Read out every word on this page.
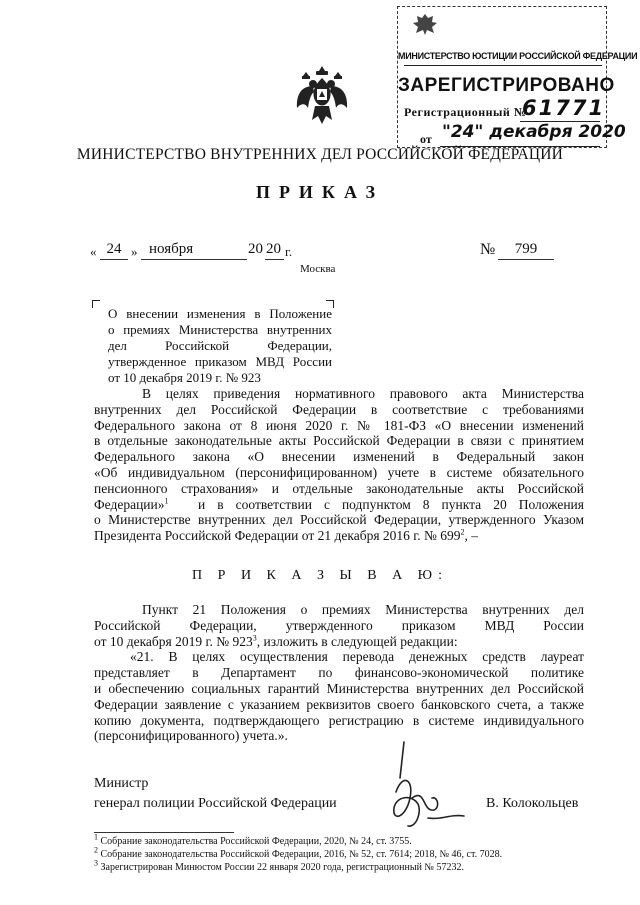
МИНИСТЕРСТВО ЮСТИЦИИ РОССИЙСКОЙ ФЕДЕРАЦИИ
ЗАРЕГИСТРИРОВАНО
Регистрационный №
61771
от "24" декабря 2020
МИНИСТЕРСТВО ВНУТРЕННИХ ДЕЛ РОССИЙСКОЙ ФЕДЕРАЦИИ
ПРИКАЗ
« 24 » ноября	20 20 г.	№	799
Москва
О внесении изменения в Положение
о премиях Министерства внутренних
дел Российской Федерации,
утвержденное приказом МВД России
от 10 декабря 2019 г. № 923
В целях приведения нормативного правового акта Министерства
внутренних дел Российской Федерации в соответствие с требованиями
Федерального закона от 8 июня 2020 г. № 181-ФЗ «О внесении изменений
в отдельные законодательные акты Российской Федерации в связи с принятием
Федерального закона «О внесении изменений в Федеральный закон
«Об индивидуальном (персонифицированном) учете в системе обязательного
пенсионного страхования» и отдельные законодательные акты Российской
Федерации»$^1$ и в соответствии с подпунктом 8 пункта 20 Положения
о Министерстве внутренних дел Российской Федерации, утвержденного Указом
Президента Российской Федерации от 21 декабря 2016 г. № $699^2$, –
П Р И К А З Ы В А Ю:
Пункт 21 Положения о премиях Министерства внутренних дел
Российской Федерации, утвержденного приказом МВД России
от 10 декабря 2019 г. № $923^3$, изложить в следующей редакции:
«21. В целях осуществления перевода денежных средств лауреат
представляет в Департамент по финансово-экономической политике
и обеспечению социальных гарантий Министерства внутренних дел Российской
Федерации заявление с указанием реквизитов своего банковского счета, а также
копию документа, подтверждающего регистрацию в системе индивидуального
(персонифицированного) учета.».
Министр
генерал полиции Российской Федерации	В. Колокольцев
$^1$ Собрание законодательства Российской Федерации, 2020, № 24, ст. 3755.
$^2$ Собрание законодательства Российской Федерации, 2016, № 52, ст. 7614; 2018, № 46, ст. 7028.
$^3$ Зарегистрирован Минюстом России 22 января 2020 года, регистрационный № 57232.
